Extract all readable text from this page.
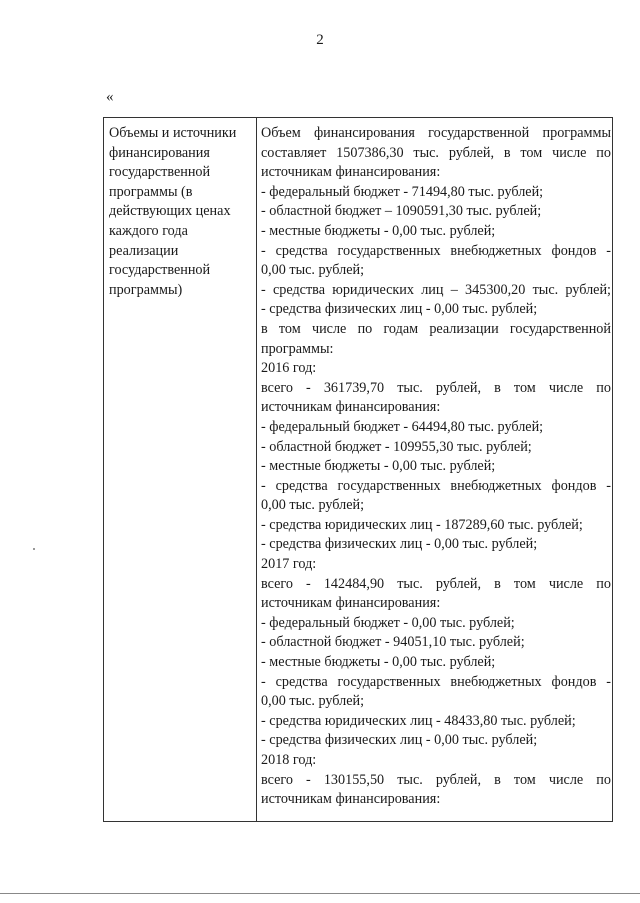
2
«
Объемы и источники
финансирования
государственной
программы (в
действующих ценах
каждого года
реализации
государственной
программы)
Объем финансирования государственной программы
составляет 1507386,30 тыс. рублей, в том числе по
источникам финансирования:
- федеральный бюджет - 71494,80 тыс. рублей;
- областной бюджет – 1090591,30 тыс. рублей;
- местные бюджеты - 0,00 тыс. рублей;
- средства государственных внебюджетных фондов -
0,00 тыс. рублей;
- средства юридических лиц – 345300,20 тыс. рублей;
- средства физических лиц - 0,00 тыс. рублей;
в том числе по годам реализации государственной
программы:
2016 год:
всего - 361739,70 тыс. рублей, в том числе по
источникам финансирования:
- федеральный бюджет - 64494,80 тыс. рублей;
- областной бюджет - 109955,30 тыс. рублей;
- местные бюджеты - 0,00 тыс. рублей;
- средства государственных внебюджетных фондов -
0,00 тыс. рублей;
- средства юридических лиц - 187289,60 тыс. рублей;
- средства физических лиц - 0,00 тыс. рублей;
2017 год:
всего - 142484,90 тыс. рублей, в том числе по
источникам финансирования:
- федеральный бюджет - 0,00 тыс. рублей;
- областной бюджет - 94051,10 тыс. рублей;
- местные бюджеты - 0,00 тыс. рублей;
- средства государственных внебюджетных фондов -
0,00 тыс. рублей;
- средства юридических лиц - 48433,80 тыс. рублей;
- средства физических лиц - 0,00 тыс. рублей;
2018 год:
всего - 130155,50 тыс. рублей, в том числе по
источникам финансирования:
